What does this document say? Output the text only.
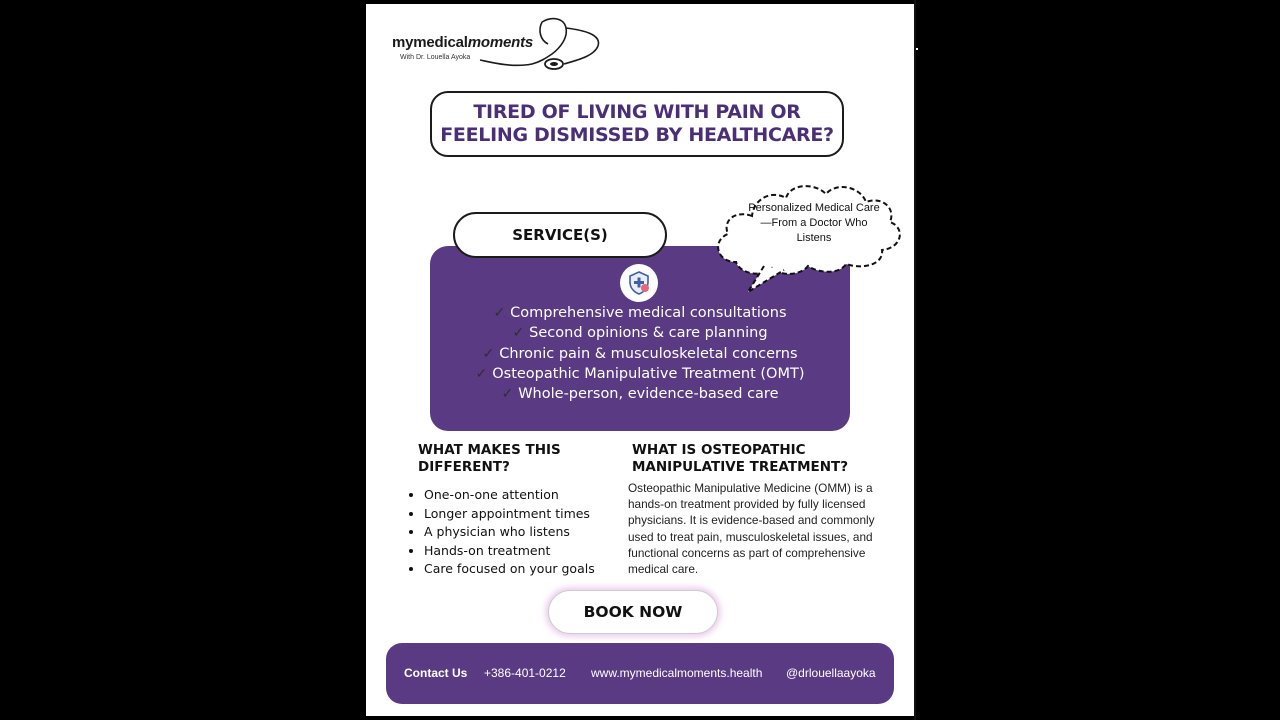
mymedicalmoments
With Dr. Louella Ayoka
TIRED OF LIVING WITH PAIN OR FEELING DISMISSED BY HEALTHCARE?
SERVICE(S)
Personalized Medical Care—From a Doctor Who Listens
✓ Comprehensive medical consultations
✓ Second opinions & care planning
✓ Chronic pain & musculoskeletal concerns
✓ Osteopathic Manipulative Treatment (OMT)
✓ Whole-person, evidence-based care
WHAT MAKES THIS DIFFERENT?
• One-on-one attention
• Longer appointment times
• A physician who listens
• Hands-on treatment
• Care focused on your goals
WHAT IS OSTEOPATHIC MANIPULATIVE TREATMENT?
Osteopathic Manipulative Medicine (OMM) is a hands-on treatment provided by fully licensed physicians. It is evidence-based and commonly used to treat pain, musculoskeletal issues, and functional concerns as part of comprehensive medical care.
BOOK NOW
Contact Us +386-401-0212 www.mymedicalmoments.health @drlouellaayoka
